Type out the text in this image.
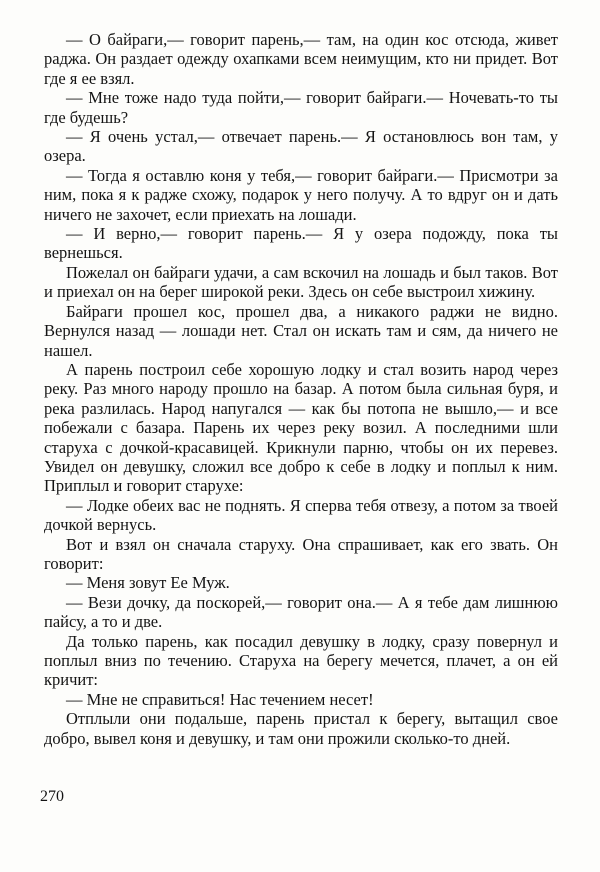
— О байраги,— говорит парень,— там, на один кос отсюда, живет раджа. Он раздает одежду охапками всем неимущим, кто ни придет. Вот где я ее взял.

— Мне тоже надо туда пойти,— говорит байраги.— Ночевать-то ты где будешь?

— Я очень устал,— отвечает парень.— Я остановлюсь вон там, у озера.

— Тогда я оставлю коня у тебя,— говорит байраги.— Присмотри за ним, пока я к радже схожу, подарок у него получу. А то вдруг он и дать ничего не захочет, если приехать на лошади.

— И верно,— говорит парень.— Я у озера подожду, пока ты вернешься.

Пожелал он байраги удачи, а сам вскочил на лошадь и был таков. Вот и приехал он на берег широкой реки. Здесь он себе выстроил хижину.

Байраги прошел кос, прошел два, а никакого раджи не видно. Вернулся назад — лошади нет. Стал он искать там и сям, да ничего не нашел.

А парень построил себе хорошую лодку и стал возить народ через реку. Раз много народу прошло на базар. А потом была сильная буря, и река разлилась. Народ напугался — как бы потопа не вышло,— и все побежали с базара. Парень их через реку возил. А последними шли старуха с дочкой-красавицей. Крикнули парню, чтобы он их перевез. Увидел он девушку, сложил все добро к себе в лодку и поплыл к ним. Приплыл и говорит старухе:

— Лодке обеих вас не поднять. Я сперва тебя отвезу, а потом за твоей дочкой вернусь.

Вот и взял он сначала старуху. Она спрашивает, как его звать. Он говорит:

— Меня зовут Ее Муж.

— Вези дочку, да поскорей,— говорит она.— А я тебе дам лишнюю пайсу, а то и две.

Да только парень, как посадил девушку в лодку, сразу повернул и поплыл вниз по течению. Старуха на берегу мечется, плачет, а он ей кричит:

— Мне не справиться! Нас течением несет!

Отплыли они подальше, парень пристал к берегу, вытащил свое добро, вывел коня и девушку, и там они прожили сколько-то дней.

270
